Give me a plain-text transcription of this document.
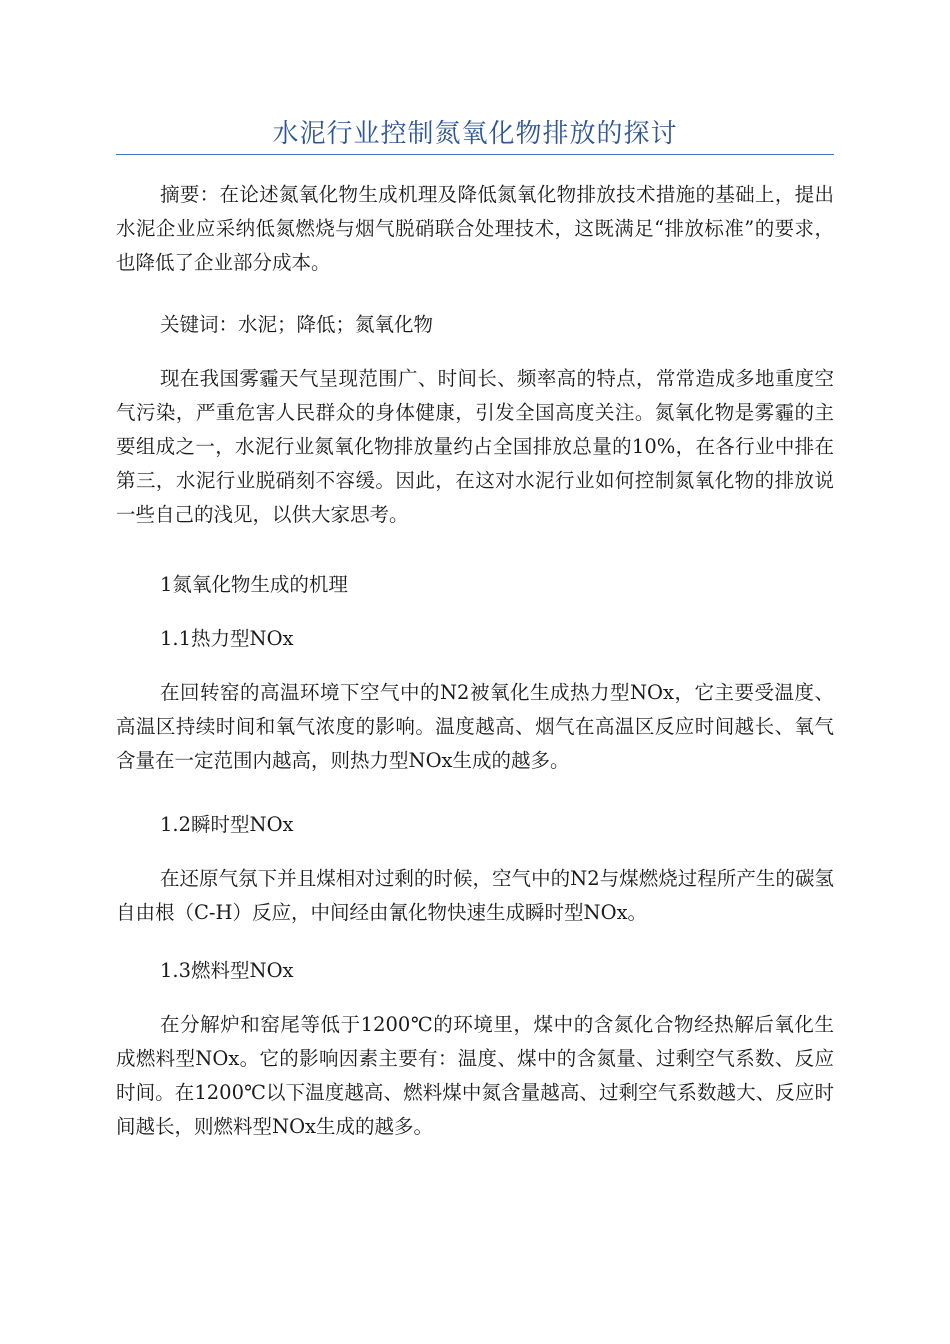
水泥行业控制氮氧化物排放的探讨

摘要：在论述氮氧化物生成机理及降低氮氧化物排放技术措施的基础上，提出水泥企业应采纳低氮燃烧与烟气脱硝联合处理技术，这既满足“排放标准”的要求，也降低了企业部分成本。

关键词：水泥；降低；氮氧化物

现在我国雾霾天气呈现范围广、时间长、频率高的特点，常常造成多地重度空气污染，严重危害人民群众的身体健康，引发全国高度关注。氮氧化物是雾霾的主要组成之一，水泥行业氮氧化物排放量约占全国排放总量的10%，在各行业中排在第三，水泥行业脱硝刻不容缓。因此，在这对水泥行业如何控制氮氧化物的排放说一些自己的浅见，以供大家思考。

1氮氧化物生成的机理

1.1热力型NOx

在回转窑的高温环境下空气中的N2被氧化生成热力型NOx，它主要受温度、高温区持续时间和氧气浓度的影响。温度越高、烟气在高温区反应时间越长、氧气含量在一定范围内越高，则热力型NOx生成的越多。

1.2瞬时型NOx

在还原气氛下并且煤相对过剩的时候，空气中的N2与煤燃烧过程所产生的碳氢自由根（C-H）反应，中间经由氰化物快速生成瞬时型NOx。

1.3燃料型NOx

在分解炉和窑尾等低于1200℃的环境里，煤中的含氮化合物经热解后氧化生成燃料型NOx。它的影响因素主要有：温度、煤中的含氮量、过剩空气系数、反应时间。在1200℃以下温度越高、燃料煤中氮含量越高、过剩空气系数越大、反应时间越长，则燃料型NOx生成的越多。
